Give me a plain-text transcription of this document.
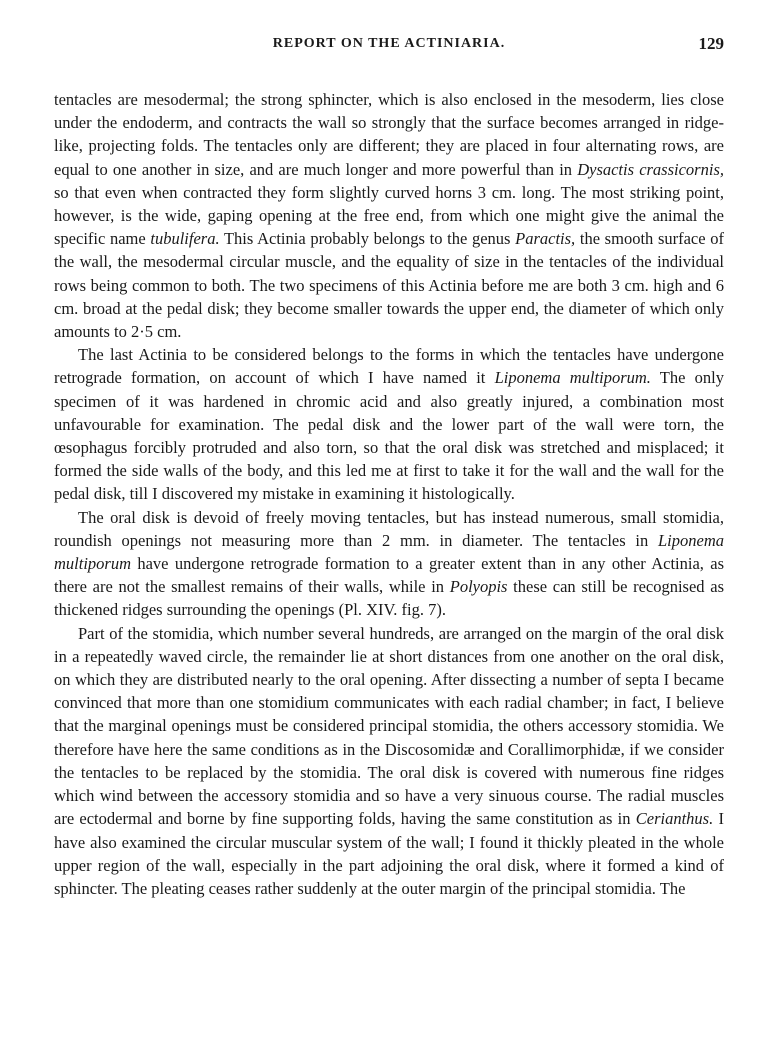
REPORT ON THE ACTINIARIA.	129

tentacles are mesodermal; the strong sphincter, which is also enclosed in the mesoderm, lies close under the endoderm, and contracts the wall so strongly that the surface becomes arranged in ridge-like, projecting folds. The tentacles only are different; they are placed in four alternating rows, are equal to one another in size, and are much longer and more powerful than in Dysactis crassicornis, so that even when contracted they form slightly curved horns 3 cm. long. The most striking point, however, is the wide, gaping opening at the free end, from which one might give the animal the specific name tubulifera. This Actinia probably belongs to the genus Paractis, the smooth surface of the wall, the mesodermal circular muscle, and the equality of size in the tentacles of the individual rows being common to both. The two specimens of this Actinia before me are both 3 cm. high and 6 cm. broad at the pedal disk; they become smaller towards the upper end, the diameter of which only amounts to 2·5 cm.

The last Actinia to be considered belongs to the forms in which the tentacles have undergone retrograde formation, on account of which I have named it Liponema multiporum. The only specimen of it was hardened in chromic acid and also greatly injured, a combination most unfavourable for examination. The pedal disk and the lower part of the wall were torn, the œsophagus forcibly protruded and also torn, so that the oral disk was stretched and misplaced; it formed the side walls of the body, and this led me at first to take it for the wall and the wall for the pedal disk, till I discovered my mistake in examining it histologically.

The oral disk is devoid of freely moving tentacles, but has instead numerous, small stomidia, roundish openings not measuring more than 2 mm. in diameter. The tentacles in Liponema multiporum have undergone retrograde formation to a greater extent than in any other Actinia, as there are not the smallest remains of their walls, while in Polyopis these can still be recognised as thickened ridges surrounding the openings (Pl. XIV. fig. 7).

Part of the stomidia, which number several hundreds, are arranged on the margin of the oral disk in a repeatedly waved circle, the remainder lie at short distances from one another on the oral disk, on which they are distributed nearly to the oral opening. After dissecting a number of septa I became convinced that more than one stomidium communicates with each radial chamber; in fact, I believe that the marginal openings must be considered principal stomidia, the others accessory stomidia. We therefore have here the same conditions as in the Discosomidæ and Corallimorphidæ, if we consider the tentacles to be replaced by the stomidia. The oral disk is covered with numerous fine ridges which wind between the accessory stomidia and so have a very sinuous course. The radial muscles are ectodermal and borne by fine supporting folds, having the same constitution as in Cerianthus. I have also examined the circular muscular system of the wall; I found it thickly pleated in the whole upper region of the wall, especially in the part adjoining the oral disk, where it formed a kind of sphincter. The pleating ceases rather suddenly at the outer margin of the principal stomidia. The
